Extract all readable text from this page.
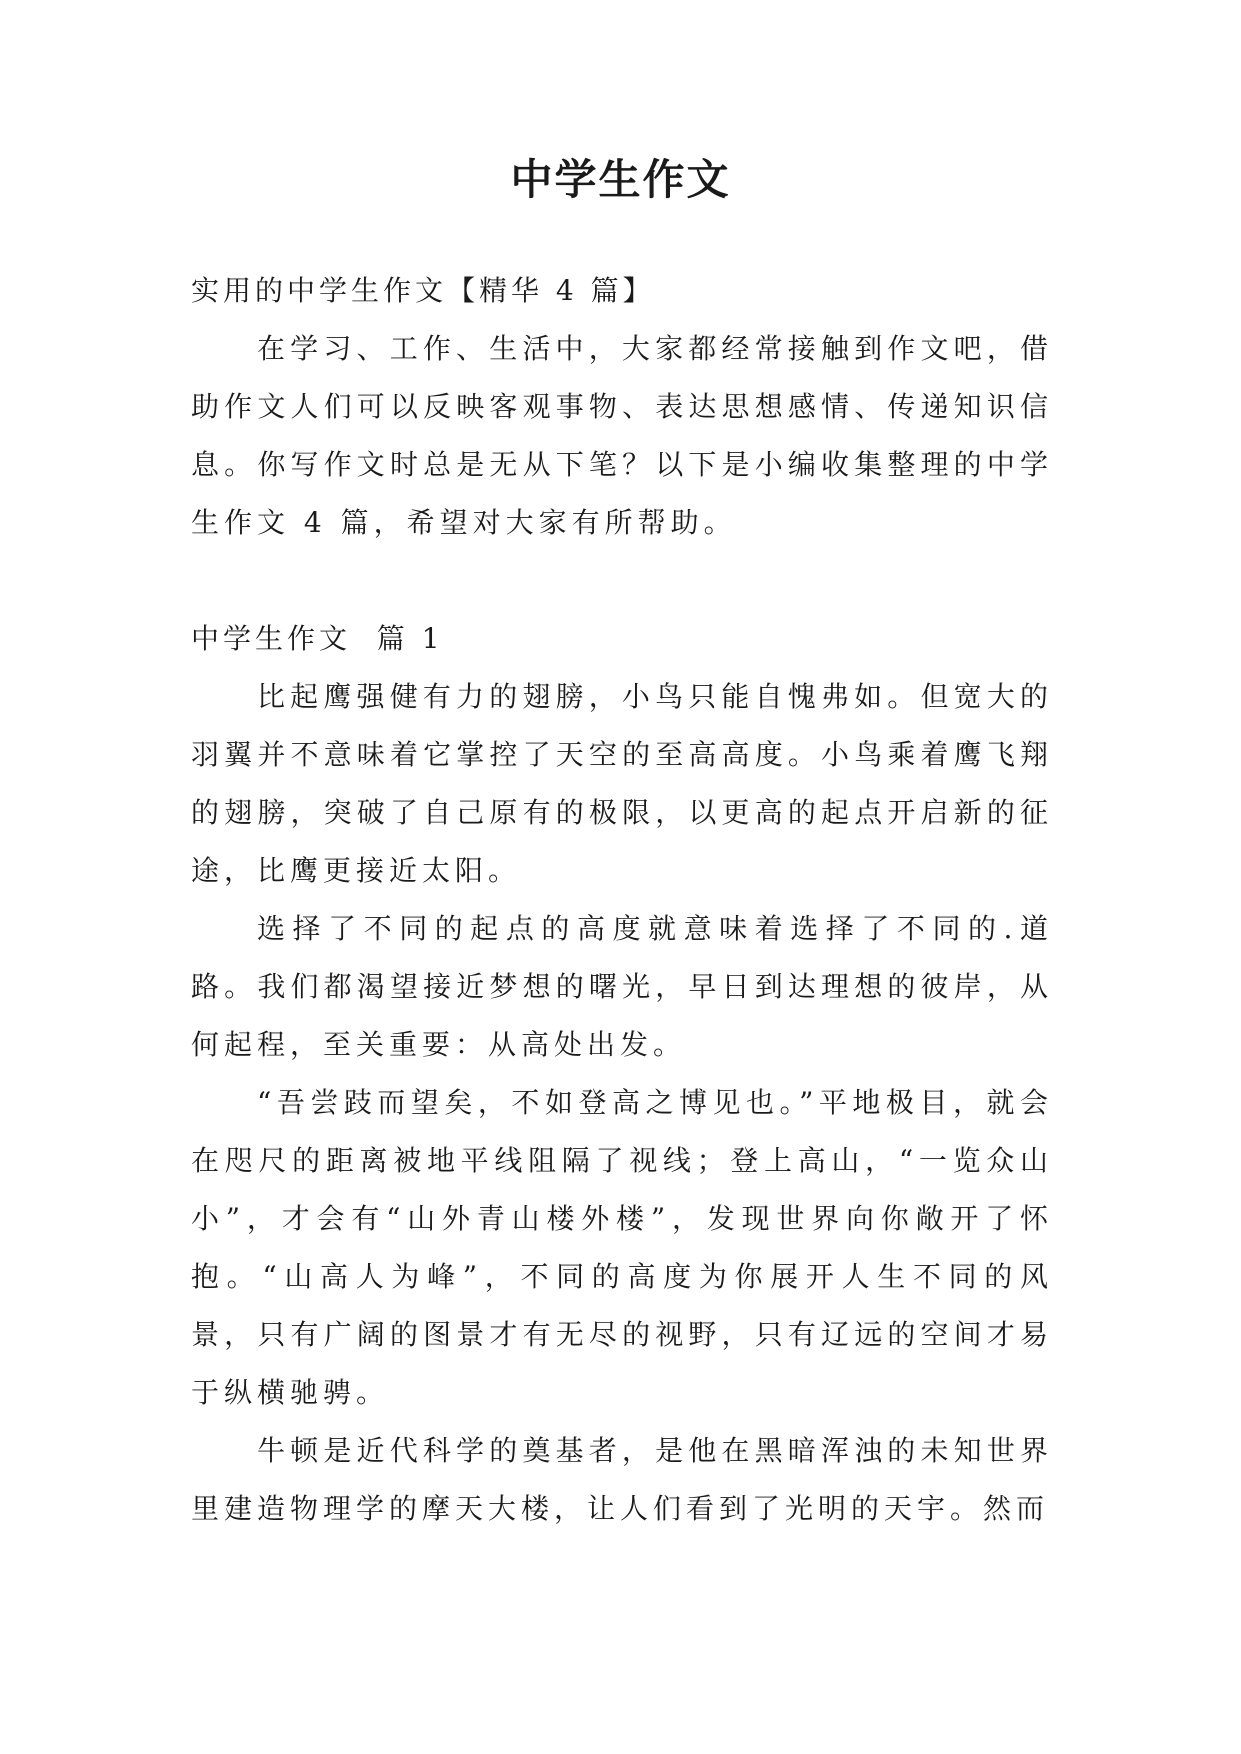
中学生作文

实用的中学生作文【精华 4 篇】

在学习、工作、生活中，大家都经常接触到作文吧，借助作文人们可以反映客观事物、表达思想感情、传递知识信息。你写作文时总是无从下笔？以下是小编收集整理的中学生作文 4 篇，希望对大家有所帮助。

中学生作文  篇 1

比起鹰强健有力的翅膀，小鸟只能自愧弗如。但宽大的羽翼并不意味着它掌控了天空的至高高度。小鸟乘着鹰飞翔的翅膀，突破了自己原有的极限，以更高的起点开启新的征途，比鹰更接近太阳。

选择了不同的起点的高度就意味着选择了不同的.道路。我们都渴望接近梦想的曙光，早日到达理想的彼岸，从何起程，至关重要：从高处出发。

“吾尝跂而望矣，不如登高之博见也。”平地极目，就会在咫尺的距离被地平线阻隔了视线；登上高山，“一览众山小”，才会有“山外青山楼外楼”，发现世界向你敞开了怀抱。“山高人为峰”，不同的高度为你展开人生不同的风景，只有广阔的图景才有无尽的视野，只有辽远的空间才易于纵横驰骋。

牛顿是近代科学的奠基者，是他在黑暗浑浊的未知世界里建造物理学的摩天大楼，让人们看到了光明的天宇。然而
